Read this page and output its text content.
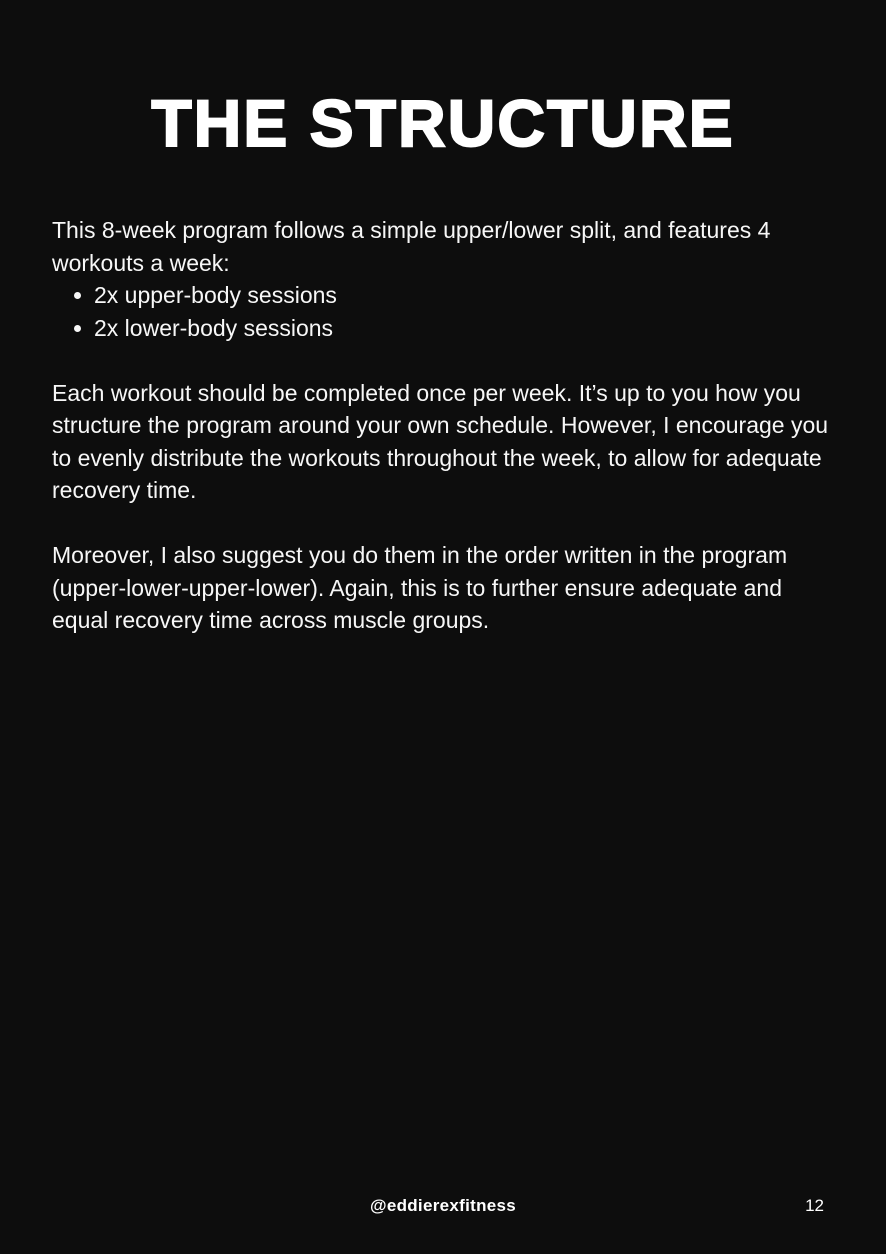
THE STRUCTURE

This 8-week program follows a simple upper/lower split, and features 4 workouts a week:

2x upper-body sessions
2x lower-body sessions

Each workout should be completed once per week. It’s up to you how you structure the program around your own schedule. However, I encourage you to evenly distribute the workouts throughout the week, to allow for adequate recovery time.

Moreover, I also suggest you do them in the order written in the program (upper-lower-upper-lower). Again, this is to further ensure adequate and equal recovery time across muscle groups.

@eddierexfitness	12
